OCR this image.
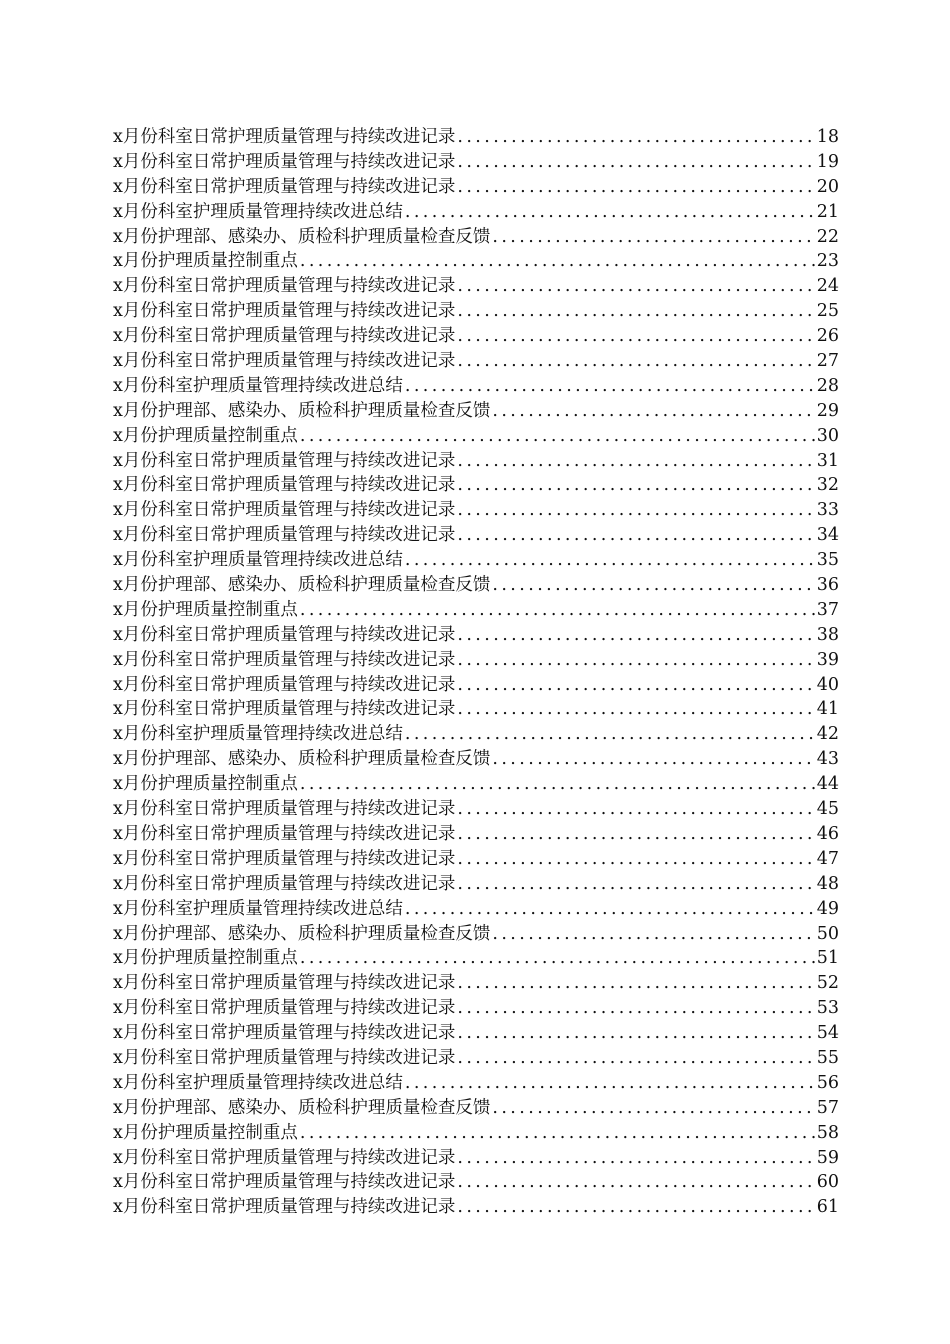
x月份科室日常护理质量管理与持续改进记录 .....	18
x月份科室日常护理质量管理与持续改进记录 .....	19
x月份科室日常护理质量管理与持续改进记录 .....	20
x月份科室护理质量管理持续改进总结 .....	21
x月份护理部、感染办、质检科护理质量检查反馈 .....	22
x月份护理质量控制重点 .....	23
x月份科室日常护理质量管理与持续改进记录 .....	24
x月份科室日常护理质量管理与持续改进记录 .....	25
x月份科室日常护理质量管理与持续改进记录 .....	26
x月份科室日常护理质量管理与持续改进记录 .....	27
x月份科室护理质量管理持续改进总结 .....	28
x月份护理部、感染办、质检科护理质量检查反馈 .....	29
x月份护理质量控制重点 .....	30
x月份科室日常护理质量管理与持续改进记录 .....	31
x月份科室日常护理质量管理与持续改进记录 .....	32
x月份科室日常护理质量管理与持续改进记录 .....	33
x月份科室日常护理质量管理与持续改进记录 .....	34
x月份科室护理质量管理持续改进总结 .....	35
x月份护理部、感染办、质检科护理质量检查反馈 .....	36
x月份护理质量控制重点 .....	37
x月份科室日常护理质量管理与持续改进记录 .....	38
x月份科室日常护理质量管理与持续改进记录 .....	39
x月份科室日常护理质量管理与持续改进记录 .....	40
x月份科室日常护理质量管理与持续改进记录 .....	41
x月份科室护理质量管理持续改进总结 .....	42
x月份护理部、感染办、质检科护理质量检查反馈 .....	43
x月份护理质量控制重点 .....	44
x月份科室日常护理质量管理与持续改进记录 .....	45
x月份科室日常护理质量管理与持续改进记录 .....	46
x月份科室日常护理质量管理与持续改进记录 .....	47
x月份科室日常护理质量管理与持续改进记录 .....	48
x月份科室护理质量管理持续改进总结 .....	49
x月份护理部、感染办、质检科护理质量检查反馈 .....	50
x月份护理质量控制重点 .....	51
x月份科室日常护理质量管理与持续改进记录 .....	52
x月份科室日常护理质量管理与持续改进记录 .....	53
x月份科室日常护理质量管理与持续改进记录 .....	54
x月份科室日常护理质量管理与持续改进记录 .....	55
x月份科室护理质量管理持续改进总结 .....	56
x月份护理部、感染办、质检科护理质量检查反馈 .....	57
x月份护理质量控制重点 .....	58
x月份科室日常护理质量管理与持续改进记录 .....	59
x月份科室日常护理质量管理与持续改进记录 .....	60
x月份科室日常护理质量管理与持续改进记录 .....	61
